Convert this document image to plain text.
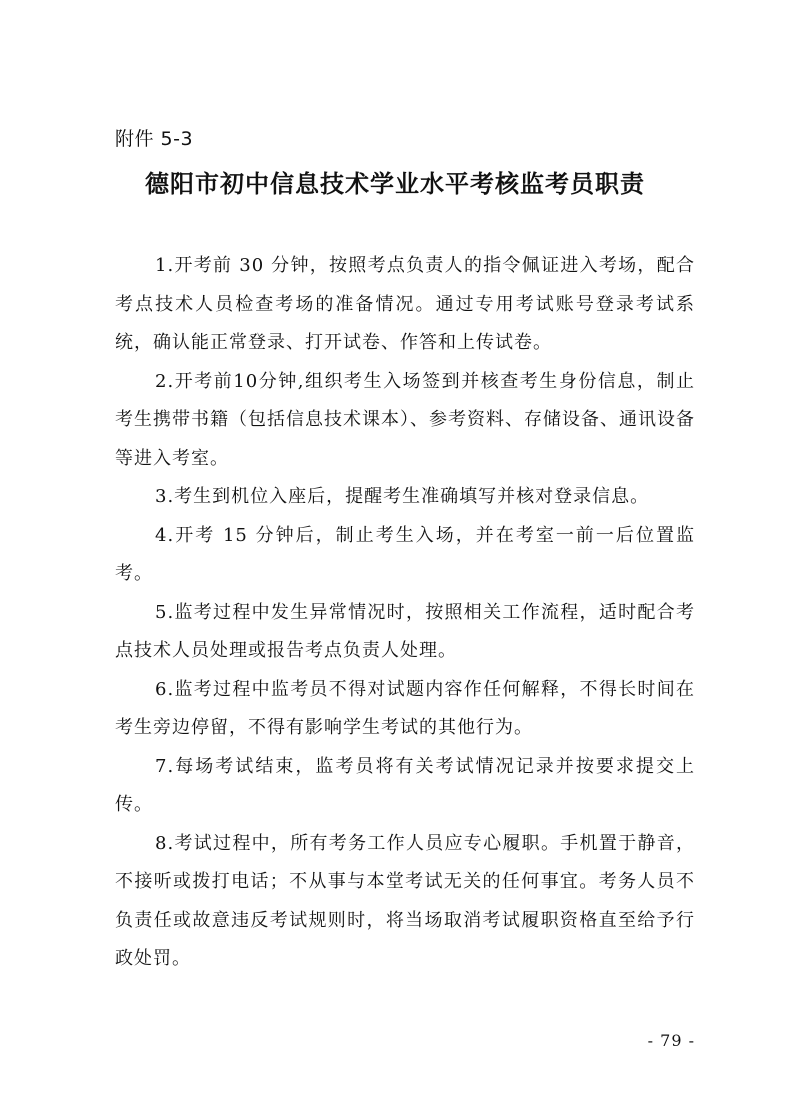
附件 5-3
德阳市初中信息技术学业水平考核监考员职责

1.开考前 30 分钟，按照考点负责人的指令佩证进入考场，配合考点技术人员检查考场的准备情况。通过专用考试账号登录考试系统，确认能正常登录、打开试卷、作答和上传试卷。

2.开考前10分钟,组织考生入场签到并核查考生身份信息，制止考生携带书籍（包括信息技术课本）、参考资料、存储设备、通讯设备等进入考室。

3.考生到机位入座后，提醒考生准确填写并核对登录信息。

4.开考 15 分钟后，制止考生入场，并在考室一前一后位置监考。

5.监考过程中发生异常情况时，按照相关工作流程，适时配合考点技术人员处理或报告考点负责人处理。

6.监考过程中监考员不得对试题内容作任何解释，不得长时间在考生旁边停留，不得有影响学生考试的其他行为。

7.每场考试结束，监考员将有关考试情况记录并按要求提交上传。

8.考试过程中，所有考务工作人员应专心履职。手机置于静音，不接听或拨打电话；不从事与本堂考试无关的任何事宜。考务人员不负责任或故意违反考试规则时，将当场取消考试履职资格直至给予行政处罚。

- 79 -
